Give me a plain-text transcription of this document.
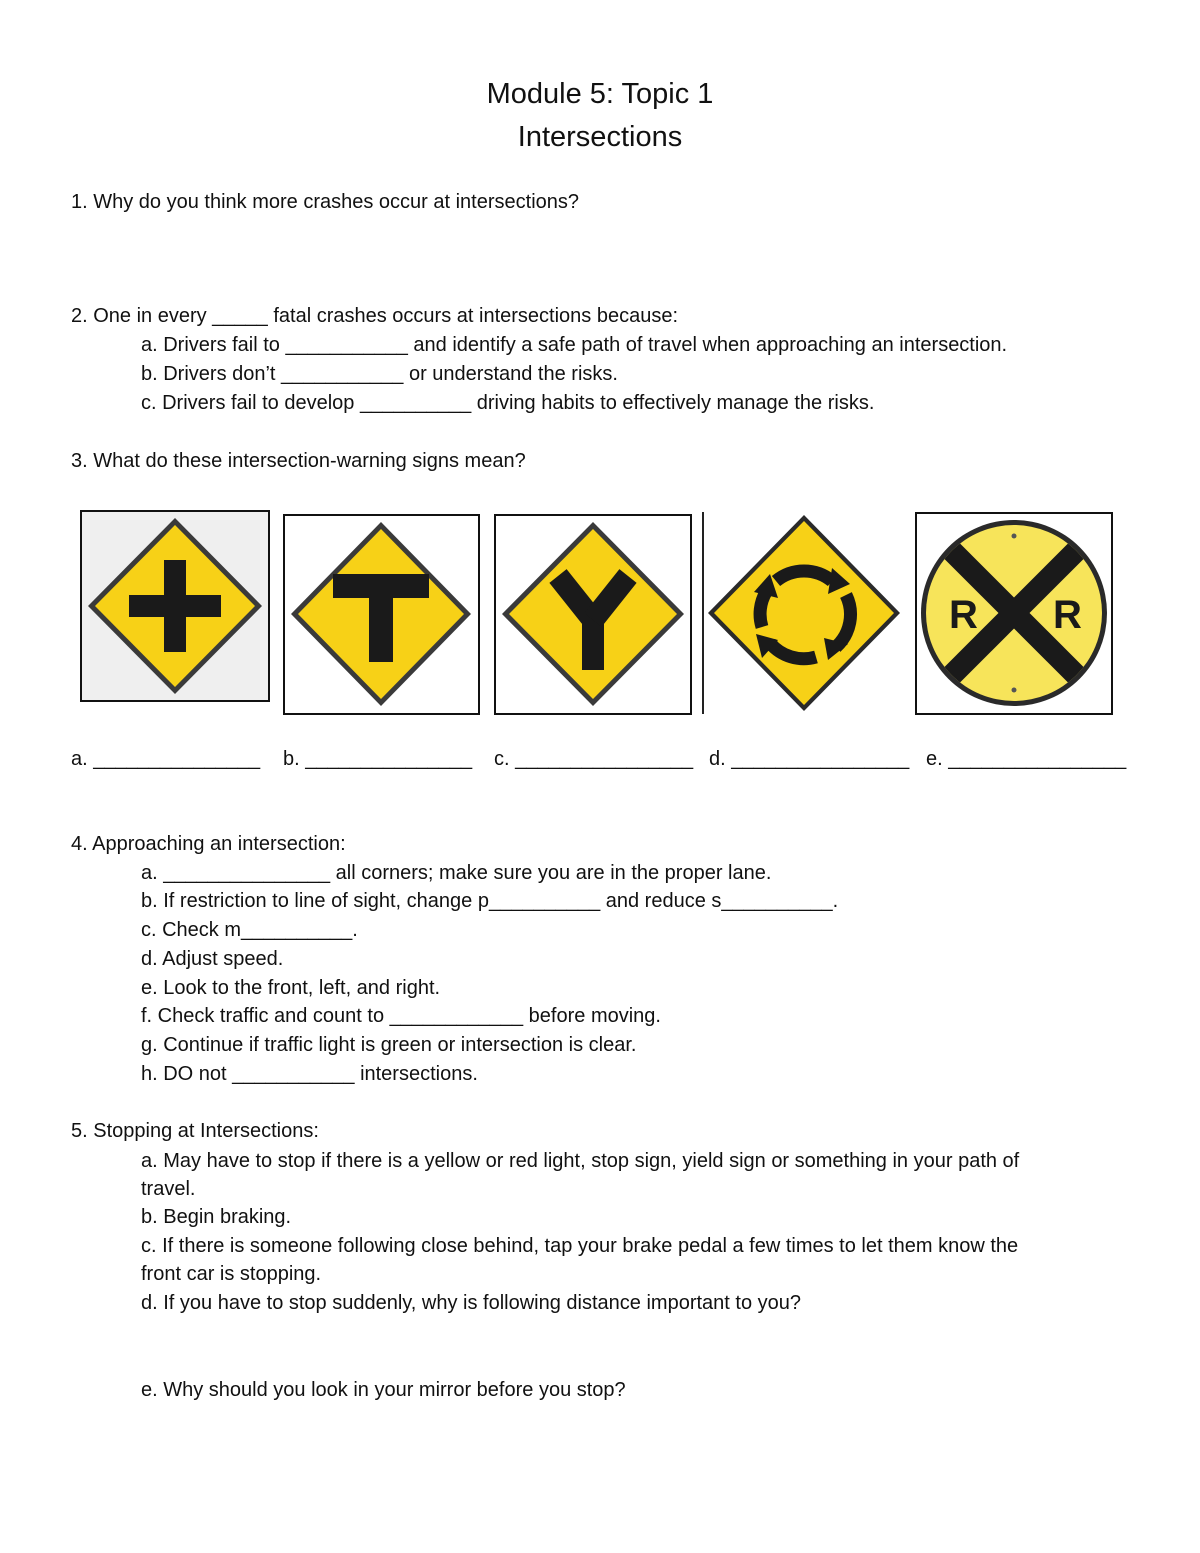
Module 5: Topic 1
Intersections
1. Why do you think more crashes occur at intersections?
2. One in every _____ fatal crashes occurs at intersections because:
a. Drivers fail to ___________ and identify a safe path of travel when approaching an intersection.
b. Drivers don’t ___________ or understand the risks.
c. Drivers fail to develop __________ driving habits to effectively manage the risks.
3. What do these intersection-warning signs mean?
R R
a. _______________ b. _______________ c. ________________ d. ________________ e. ________________
4. Approaching an intersection:
a. _______________ all corners; make sure you are in the proper lane.
b. If restriction to line of sight, change p__________ and reduce s__________.
c. Check m__________.
d. Adjust speed.
e. Look to the front, left, and right.
f. Check traffic and count to ____________ before moving.
g. Continue if traffic light is green or intersection is clear.
h. DO not ___________ intersections.
5. Stopping at Intersections:
a. May have to stop if there is a yellow or red light, stop sign, yield sign or something in your path of
travel.
b. Begin braking.
c. If there is someone following close behind, tap your brake pedal a few times to let them know the
front car is stopping.
d. If you have to stop suddenly, why is following distance important to you?
e. Why should you look in your mirror before you stop?
